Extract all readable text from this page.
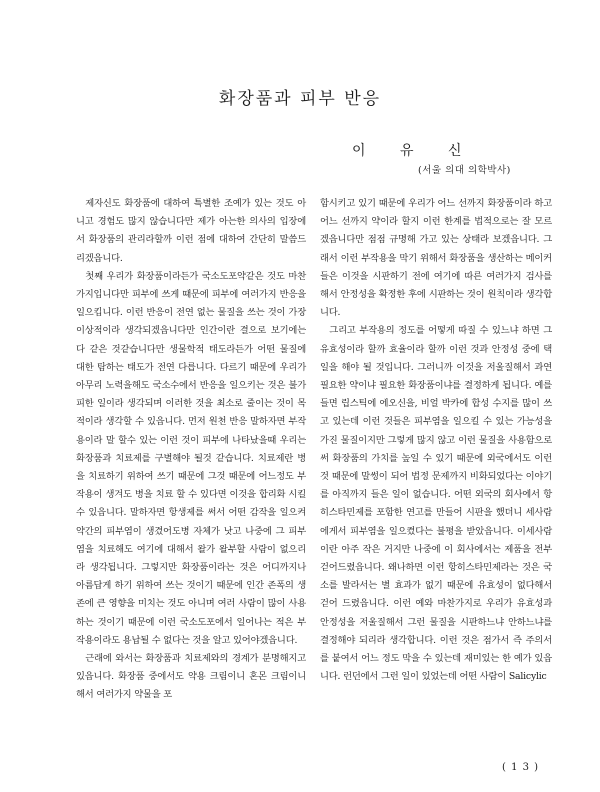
화장품과 피부 반응
이 유 신
(서울 의대 의학박사)

제자신도 화장품에 대하여 특별한 조예가 있는 것도 아니고 경험도 많지 않습니다만 제가 아는한 의사의 입장에서 화장품의 관리라할까 이런 점에 대하여 간단히 말씀드리겠읍니다.

첫째 우리가 화장품이라든가 국소도포약같은 것도 마찬가지입니다만 피부에 쓰게 때문에 피부에 여러가지 반응을 일으킵니다. 이런 반응이 전연 없는 물질을 쓰는 것이 가장 이상적이라 생각되겠읍니다만 인간이란 결으로 보기에는 다 같은 것같습니다만 생물학적 태도라든가 어떤 물질에 대한 탐하는 태도가 전연 다릅니다. 다르기 때문에 우리가 아무리 노력을해도 국소수에서 반응을 일으키는 것은 불가피한 일이라 생각되며 이러한 것을 최소로 줄이는 것이 목적이라 생각할 수 있읍니다. 먼저 원천 반응 말하자면 부작용이라 말 할수 있는 이런 것이 피부에 나타났을때 우리는 화장품과 치료제를 구별해야 될것 같습니다. 치료제란 병을 치료하기 위하여 쓰기 때문에 그것 때문에 어느정도 부작용이 생겨도 병을 치료 할 수 있다면 이것을 합리화 시킬 수 있읍니다. 말하자면 항생제를 써서 어떤 감작을 일으켜 약간의 피부염이 생겼어도병 자체가 낫고 나중에 그 피부염을 치료해도 여기에 대해서 왈가 왈부할 사람이 없으리라 생각됩니다. 그렇지만 화장품이라는 것은 어디까지나 아름답게 하기 위하여 쓰는 것이기 때문에 인간 존폭의 생존에 큰 영향을 미치는 것도 아니며 여러 사람이 많이 사용하는 것이기 때문에 이런 국소도포에서 일어나는 적은 부작용이라도 용납될 수 없다는 것을 알고 있어야겠읍니다.

근래에 와서는 화장품과 치료제와의 경계가 분명해지고 있읍니다. 화장품 중에서도 약용 크림이니 혼몬 크림이니 해서 여러가지 약물을 포

함시키고 있기 때문에 우리가 어느 선까지 화장품이라 하고 어느 선까지 약이라 할지 이런 한계를 법적으로는 잘 모르겠읍니다만 점점 규명해 가고 있는 상태라 보겠읍니다. 그래서 이런 부작용을 막기 위해서 화장품을 생산하는 메이커들은 이것을 시판하기 전에 여기에 따른 여러가지 검사를 해서 안정성을 확정한 후에 시판하는 것이 원칙이라 생각합니다.

그리고 부작용의 정도를 어떻게 따질 수 있느냐 하면 그 유효성이라 할까 효율이라 할까 이런 것과 안정성 중에 택일을 해야 될 것입니다. 그러니까 이것을 저울질해서 과연 필요한 약이냐 필요한 화장품이냐를 결정하게 됩니다. 예를들면 립스틱에 에오신을, 비얼 박카에 합성 수지를 많이 쓰고 있는데 이런 것들은 피부염을 일으킬 수 있는 가능성을 가진 물질이지만 그렇게 많지 않고 이런 물질을 사용함으로써 화장품의 가치를 높일 수 있기 때문에 외국에서도 이런 것 때문에 말썽이 되어 법정 문제까지 비화되었다는 이야기를 아직까지 들은 일이 없습니다. 어떤 외국의 회사에서 항히스타민제를 포함한 연고를 만들어 시판을 했더니 세사람에게서 피부염을 일으켰다는 불평을 받았읍니다. 이세사람이란 아주 작은 거지만 나중에 이 회사에서는 제품을 전부 걷어드렸읍니다. 왜나하면 이런 항히스타민제라는 것은 국소를 발라서는 별 효과가 없기 때문에 유효성이 없다해서 걷어 드렸읍니다. 이런 예와 마찬가지로 우리가 유효성과 안정성을 저울질해서 그런 물질을 시판하느냐 안하느냐를 결정해야 되리라 생각합니다. 이런 것은 점가서 즉 주의서를 붙여서 어느 정도 막을 수 있는데 재미있는 한 예가 있읍니다. 런던에서 그런 일이 있었는데 어떤 사람이 Salicylic

( 1 3 )
